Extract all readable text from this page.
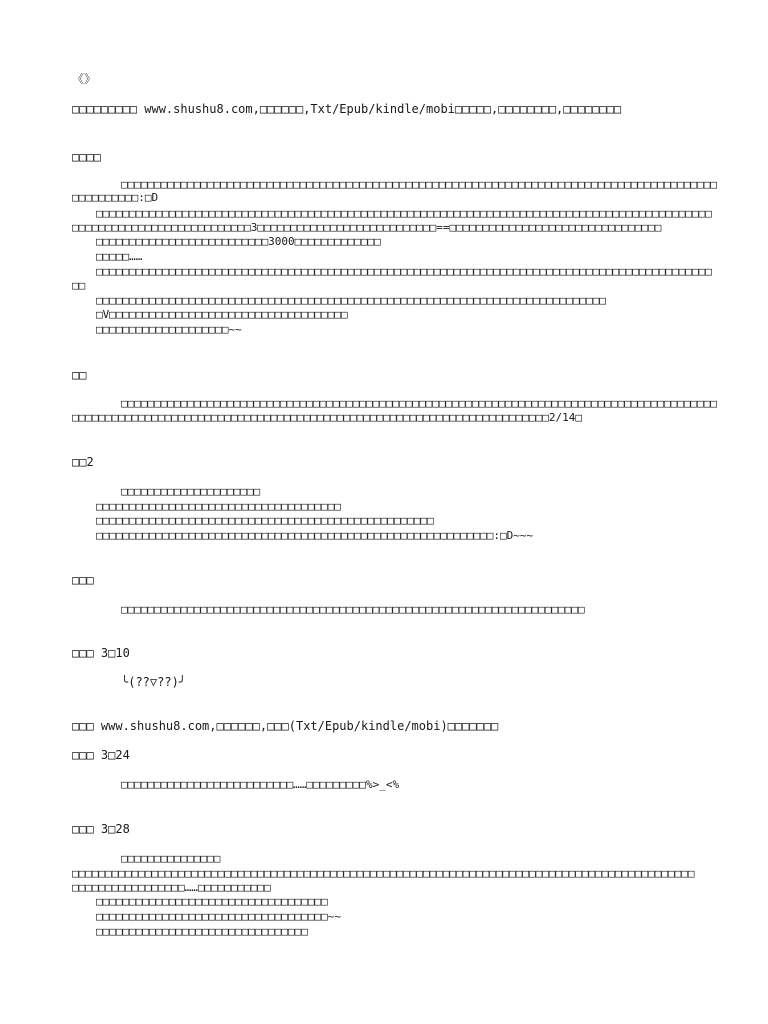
《》
□□□□□□□□□ www.shushu8.com,□□□□□□,Txt/Epub/kindle/mobi□□□□□,□□□□□□□□,□□□□□□□□
□□□□
□□□□□□□□□□□□□□□□□□□□□□□□□□□□□□□□□□□□□□□□□□□□□□□□□□□□□□□□□□□□□□□□□□□□□□□□□□□□□□□□□□□□□□□□□□
□□□□□□□□□□:□D
□□□□□□□□□□□□□□□□□□□□□□□□□□□□□□□□□□□□□□□□□□□□□□□□□□□□□□□□□□□□□□□□□□□□□□□□□□□□□□□□□□□□□□□□□□□□□
□□□□□□□□□□□□□□□□□□□□□□□□□□□3□□□□□□□□□□□□□□□□□□□□□□□□□□□==□□□□□□□□□□□□□□□□□□□□□□□□□□□□□□□□
□□□□□□□□□□□□□□□□□□□□□□□□□□3000□□□□□□□□□□□□□
□□□□□……
□□□□□□□□□□□□□□□□□□□□□□□□□□□□□□□□□□□□□□□□□□□□□□□□□□□□□□□□□□□□□□□□□□□□□□□□□□□□□□□□□□□□□□□□□□□□□
□□
□□□□□□□□□□□□□□□□□□□□□□□□□□□□□□□□□□□□□□□□□□□□□□□□□□□□□□□□□□□□□□□□□□□□□□□□□□□□□
□V□□□□□□□□□□□□□□□□□□□□□□□□□□□□□□□□□□□□
□□□□□□□□□□□□□□□□□□□□~~
□□
□□□□□□□□□□□□□□□□□□□□□□□□□□□□□□□□□□□□□□□□□□□□□□□□□□□□□□□□□□□□□□□□□□□□□□□□□□□□□□□□□□□□□□□□□□
□□□□□□□□□□□□□□□□□□□□□□□□□□□□□□□□□□□□□□□□□□□□□□□□□□□□□□□□□□□□□□□□□□□□□□□□2/14□
□□2
□□□□□□□□□□□□□□□□□□□□□
□□□□□□□□□□□□□□□□□□□□□□□□□□□□□□□□□□□□□
□□□□□□□□□□□□□□□□□□□□□□□□□□□□□□□□□□□□□□□□□□□□□□□□□□□
□□□□□□□□□□□□□□□□□□□□□□□□□□□□□□□□□□□□□□□□□□□□□□□□□□□□□□□□□□□□:□D~~~
□□□
□□□□□□□□□□□□□□□□□□□□□□□□□□□□□□□□□□□□□□□□□□□□□□□□□□□□□□□□□□□□□□□□□□□□□□
□□□ 3□10
╰(??▽??)╯
□□□ www.shushu8.com,□□□□□□,□□□(Txt/Epub/kindle/mobi)□□□□□□□
□□□ 3□24
□□□□□□□□□□□□□□□□□□□□□□□□□□……□□□□□□□□□%>_<%
□□□ 3□28
□□□□□□□□□□□□□□□
□□□□□□□□□□□□□□□□□□□□□□□□□□□□□□□□□□□□□□□□□□□□□□□□□□□□□□□□□□□□□□□□□□□□□□□□□□□□□□□□□□□□□□□□□□□□□□
□□□□□□□□□□□□□□□□□……□□□□□□□□□□□
□□□□□□□□□□□□□□□□□□□□□□□□□□□□□□□□□□□
□□□□□□□□□□□□□□□□□□□□□□□□□□□□□□□□□□□~~
□□□□□□□□□□□□□□□□□□□□□□□□□□□□□□□□
